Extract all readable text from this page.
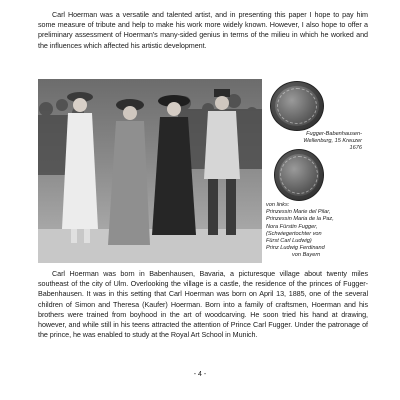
Carl Hoerman was a versatile and talented artist, and in presenting this paper I hope to pay him some measure of tribute and help to make his work more widely known. However, I also hope to offer a preliminary assessment of Hoerman's many-sided genius in terms of the milieu in which he worked and the influences which affected his artistic development.

Fugger-Babenhausen-
Wellenburg, 15 Kreuzer
1676
von links:
Prinzessin Marie del Pilar,
Prinzessin Maria de la Paz,
Nora Fürstin Fugger,
(Schwiegertochter von
Fürst Carl Ludwig)
Prinz Ludwig Ferdinand
von Bayern

Carl Hoerman was born in Babenhausen, Bavaria, a picturesque village about twenty miles southeast of the city of Ulm. Overlooking the village is a castle, the residence of the princes of Fugger-Babenhausen. It was in this setting that Carl Hoerman was born on April 13, 1885, one of the several children of Simon and Theresa (Kaufer) Hoerman. Born into a family of craftsmen, Hoerman and his brothers were trained from boyhood in the art of woodcarving. He soon tried his hand at drawing, however, and while still in his teens attracted the attention of Prince Carl Fugger. Under the patronage of the prince, he was enabled to study at the Royal Art School in Munich.

- 4 -
